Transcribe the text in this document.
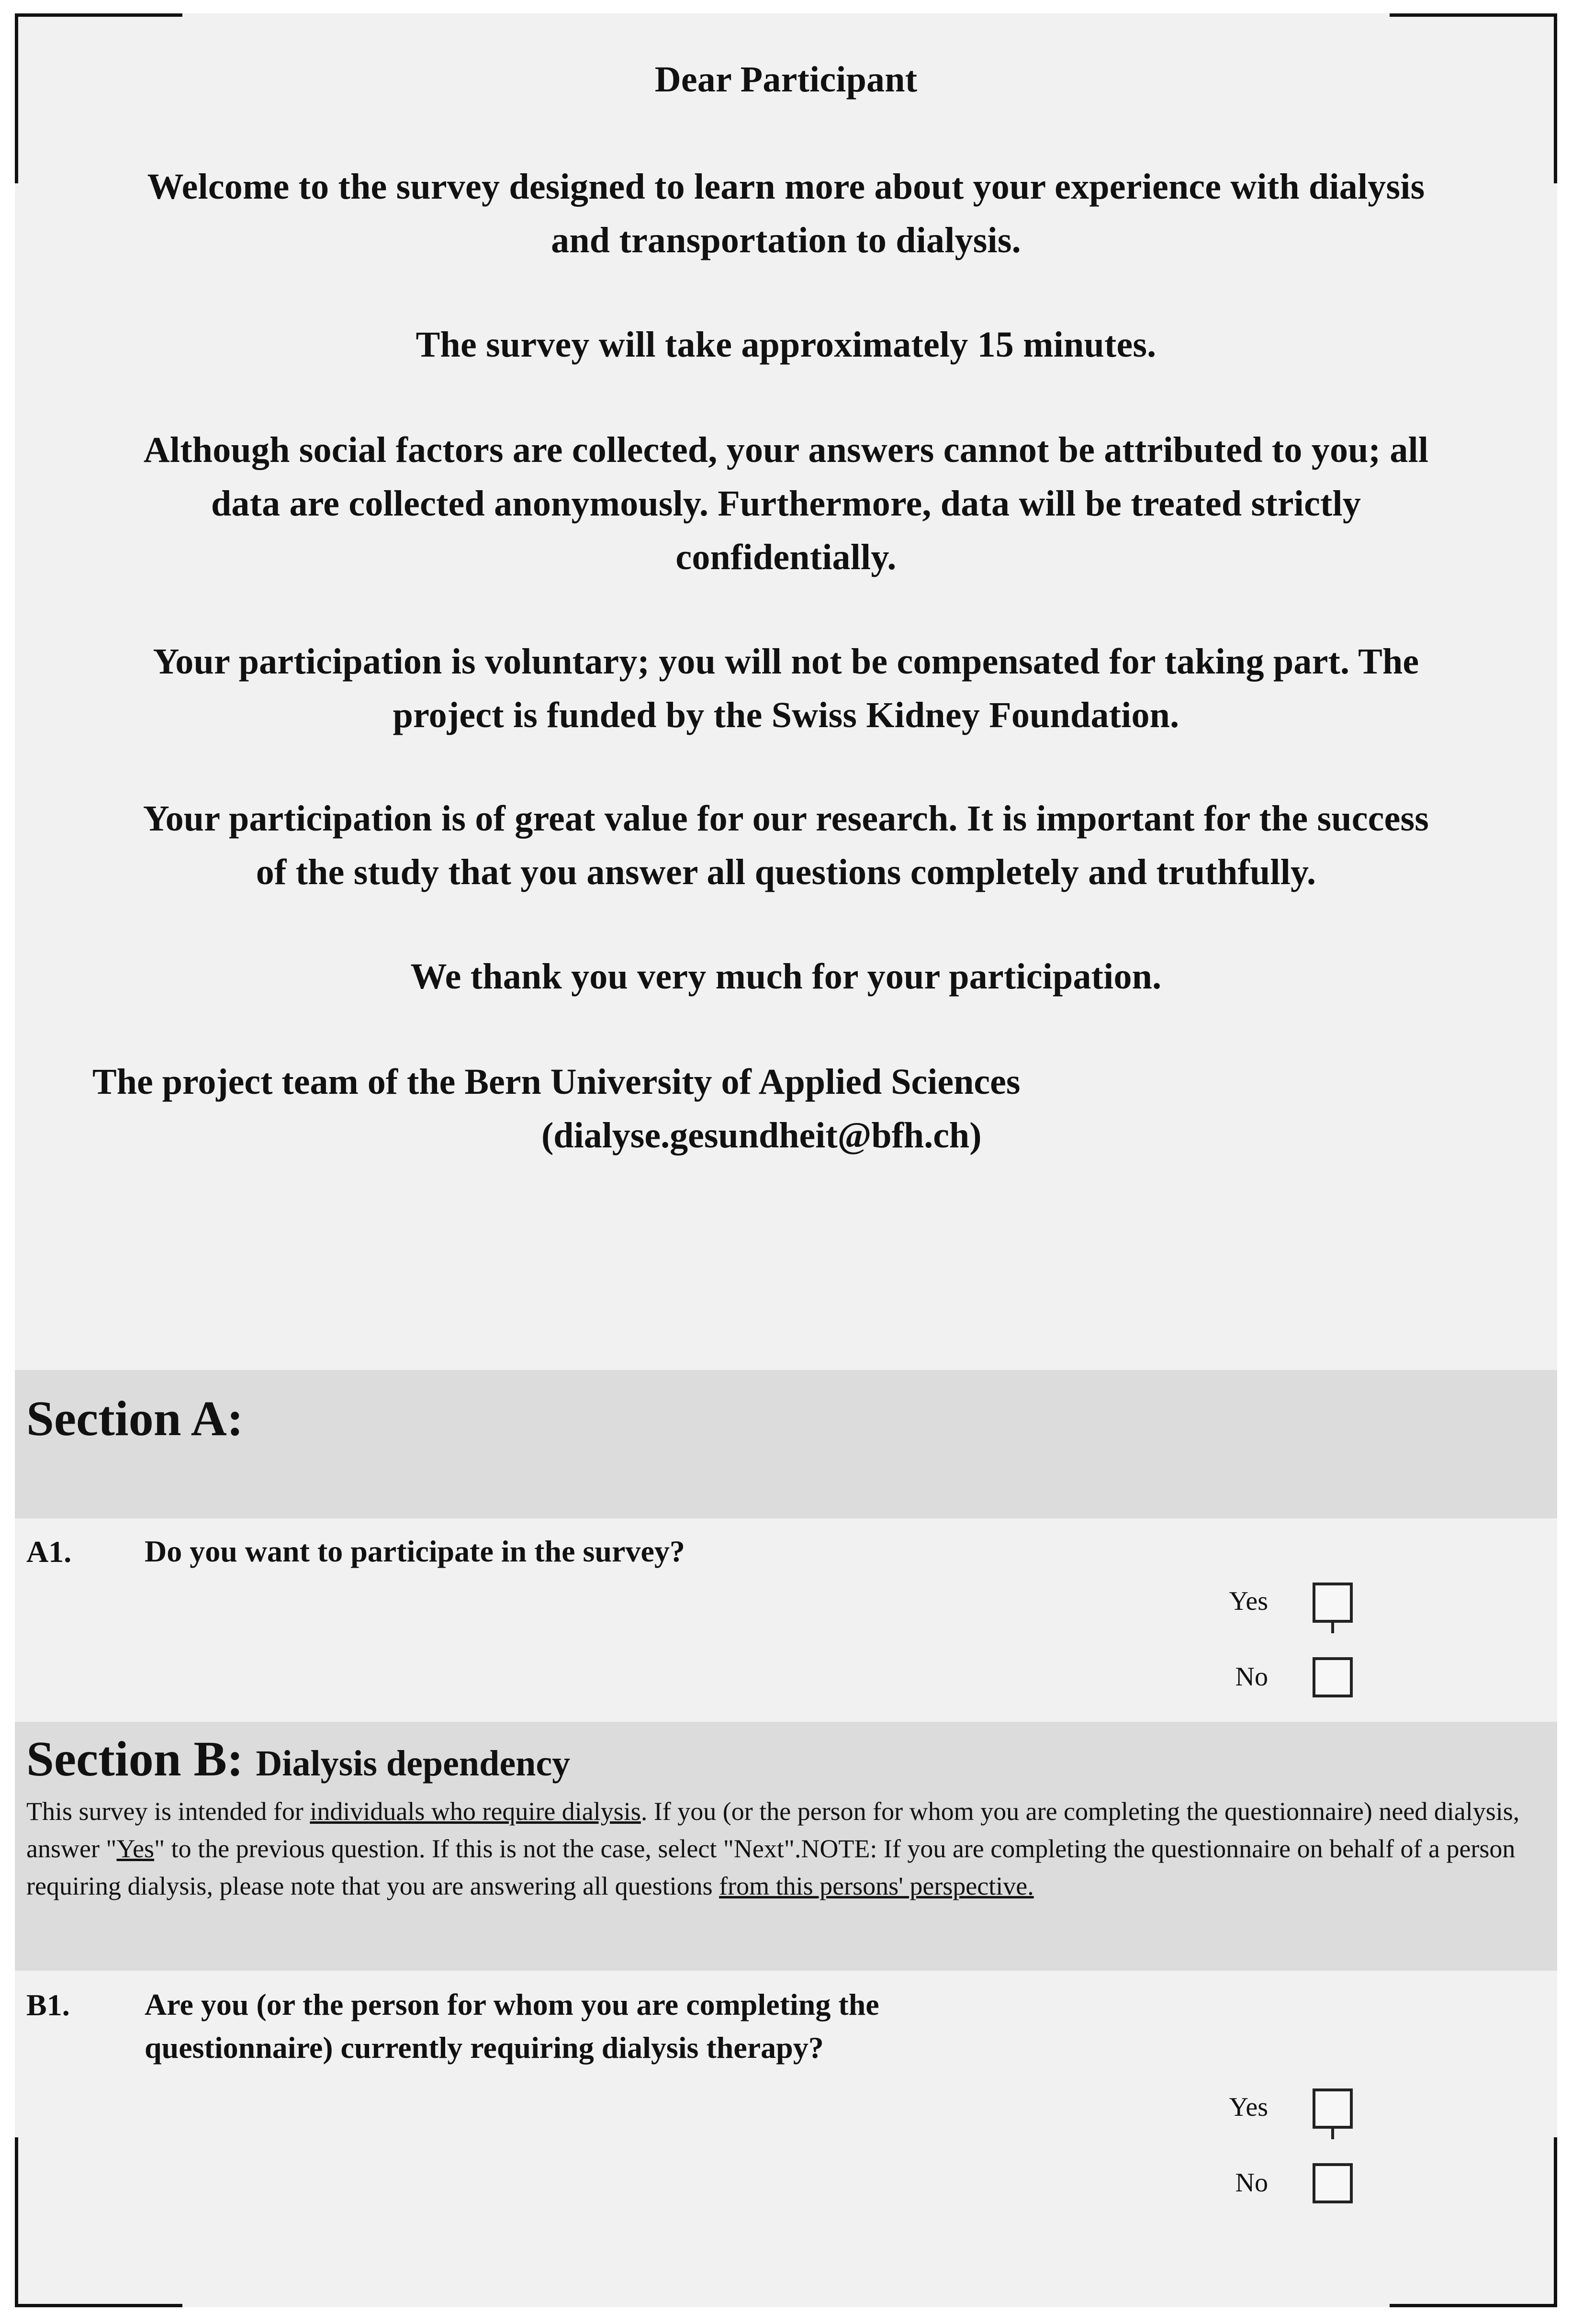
Dear Participant

Welcome to the survey designed to learn more about your experience with dialysis

and transportation to dialysis.

The survey will take approximately 15 minutes.

Although social factors are collected, your answers cannot be attributed to you; all

data are collected anonymously. Furthermore, data will be treated strictly

confidentially.

Your participation is voluntary; you will not be compensated for taking part. The

project is funded by the Swiss Kidney Foundation.

Your participation is of great value for our research. It is important for the success

of the study that you answer all questions completely and truthfully.

We thank you very much for your participation.

The project team of the Bern University of Applied Sciences
(dialyse.gesundheit@bfh.ch)
Section A:
A1. Do you want to participate in the survey?
Yes
No
Section B: Dialysis dependency
This survey is intended for individuals who require dialysis. If you (or the person for whom you are completing the questionnaire) need dialysis, answer "Yes" to the previous question. If this is not the case, select "Next".NOTE: If you are completing the questionnaire on behalf of a person requiring dialysis, please note that you are answering all questions from this persons' perspective.
B1. Are you (or the person for whom you are completing the
questionnaire) currently requiring dialysis therapy?
Yes
No
